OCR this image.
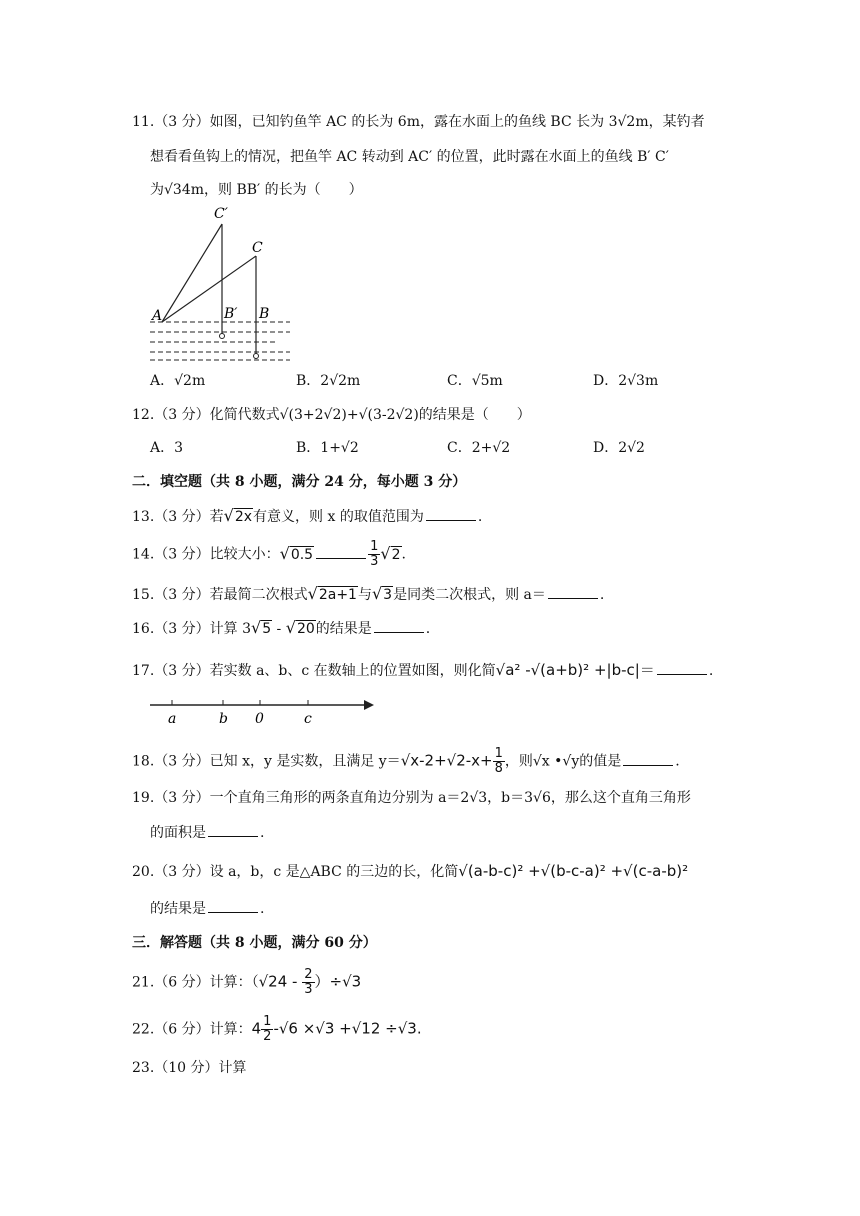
11.（3 分）如图，已知钓鱼竿 AC 的长为 6m，露在水面上的鱼线 BC 长为 3√2m，某钓者
想看看鱼钩上的情况，把鱼竿 AC 转动到 AC′ 的位置，此时露在水面上的鱼线 B′ C′
为√34m，则 BB′ 的长为（　　）
C′
C
A	B′ B
A．√2m	B．2√2m	C．√5m	D．2√3m
12.（3 分）化简代数式√(3+2√2)+√(3-2√2)的结果是（　　）
A．3	B．1+√2	C．2+√2	D．2√2
二．填空题（共 8 小题，满分 24 分，每小题 3 分）
13.（3 分）若√2x有意义，则 x 的取值范围为	.
14.（3 分）比较大小：√0.5	$\frac{1}{3} √2$.
15.（3 分）若最简二次根式√2a+1与√3是同类二次根式，则 a＝	.
16.（3 分）计算 3√5 - √20的结果是	.
17.（3 分）若实数 a、b、c 在数轴上的位置如图，则化简√a² -√(a+b)² +|b-c|＝	.
a	b 0	c
18.（3 分）已知 x，y 是实数，且满足 $y=√x-2+√2-x+ \frac{1}{8}$ ，则√x •√y的值是	.
19.（3 分）一个直角三角形的两条直角边分别为 a＝2√3，b＝3√6，那么这个直角三角形
的面积是	.
20.（3 分）设 a，b，c 是△ABC 的三边的长，化简√(a-b-c)² +√(b-c-a)² +√(c-a-b)²
的结果是	.
三．解答题（共 8 小题，满分 60 分）
21.（6 分）计算：$(√24 - \frac{2}{3} )\div√3$
22.（6 分）计算：$4 \frac{1}{2} -√6 \times√3 +√12 \div√3$.
23.（10 分）计算
